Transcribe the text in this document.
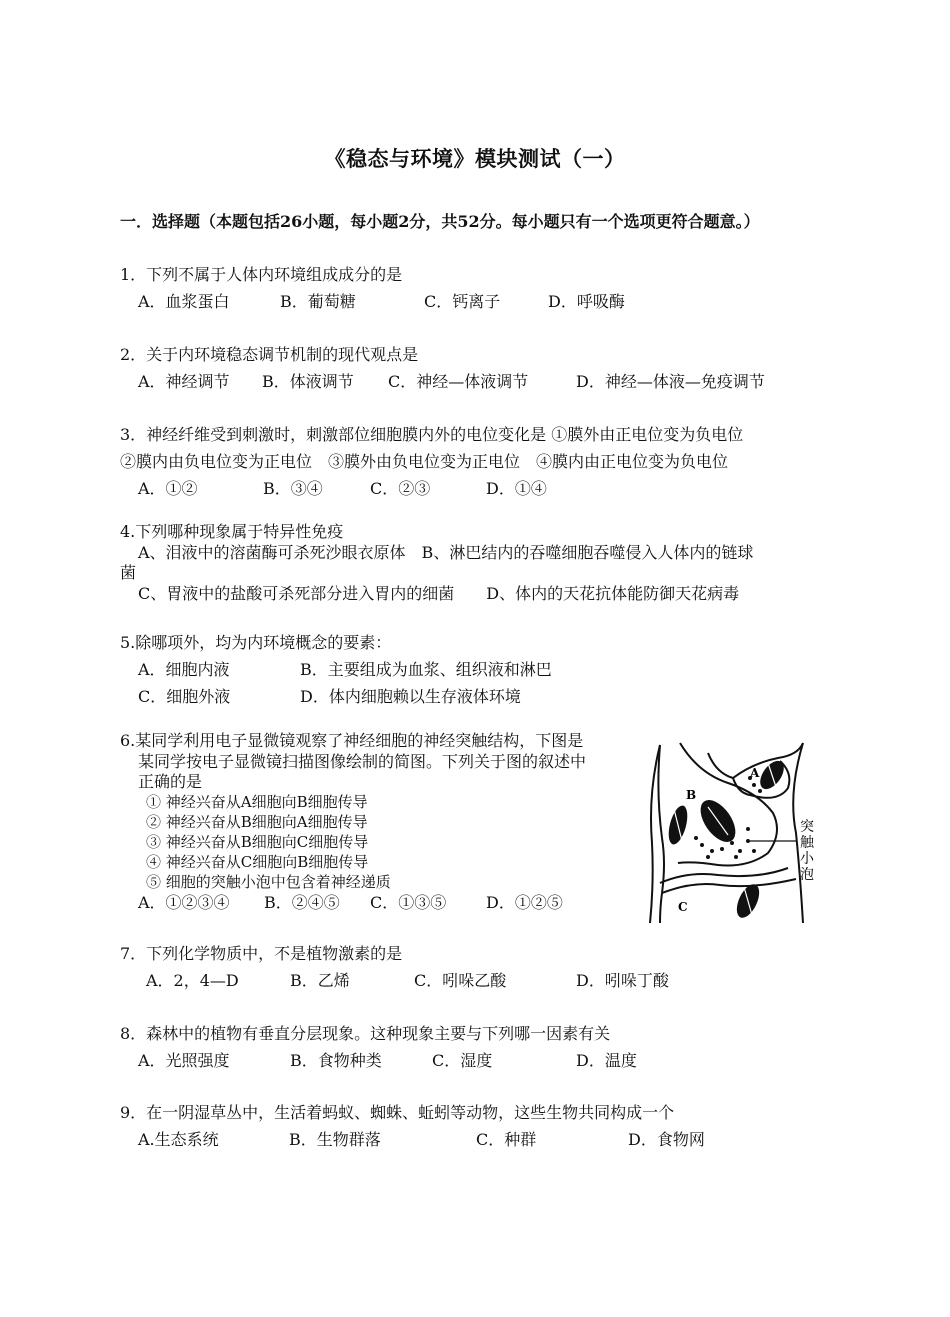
《稳态与环境》模块测试（一）
一．选择题（本题包括26小题，每小题2分，共52分。每小题只有一个选项更符合题意。）
1．下列不属于人体内环境组成成分的是
A．血浆蛋白	B．葡萄糖	C．钙离子	D．呼吸酶
2．关于内环境稳态调节机制的现代观点是
A．神经调节 B．体液调节 C．神经—体液调节	D．神经—体液—免疫调节
3．神经纤维受到刺激时，刺激部位细胞膜内外的电位变化是 ①膜外由正电位变为负电位
②膜内由负电位变为正电位　③膜外由负电位变为正电位　④膜内由正电位变为负电位
A．①②	B．③④	C．②③	D．①④
4.下列哪种现象属于特异性免疫
A、泪液中的溶菌酶可杀死沙眼衣原体　B、淋巴结内的吞噬细胞吞噬侵入人体内的链球
菌
C、胃液中的盐酸可杀死部分进入胃内的细菌　　D、体内的天花抗体能防御天花病毒
5.除哪项外，均为内环境概念的要素：
A．细胞内液	B．主要组成为血浆、组织液和淋巴
C．细胞外液	D．体内细胞赖以生存液体环境
6.某同学利用电子显微镜观察了神经细胞的神经突触结构，下图是
某同学按电子显微镜扫描图像绘制的简图。下列关于图的叙述中
正确的是
① 神经兴奋从A细胞向B细胞传导
② 神经兴奋从B细胞向A细胞传导
③ 神经兴奋从B细胞向C细胞传导
④ 神经兴奋从C细胞向B细胞传导
⑤ 细胞的突触小泡中包含着神经递质
A．①②③④ B．②④⑤ C．①③⑤ D．①②⑤
A
B
C
突
触
小
泡
7．下列化学物质中，不是植物激素的是
A．2，4—D	B．乙烯	C．吲哚乙酸	D．吲哚丁酸
8．森林中的植物有垂直分层现象。这种现象主要与下列哪一因素有关
A．光照强度	B．食物种类	C．湿度	D．温度
9．在一阴湿草丛中，生活着蚂蚁、蜘蛛、蚯蚓等动物，这些生物共同构成一个
A.生态系统	B．生物群落	C．种群	D．食物网
